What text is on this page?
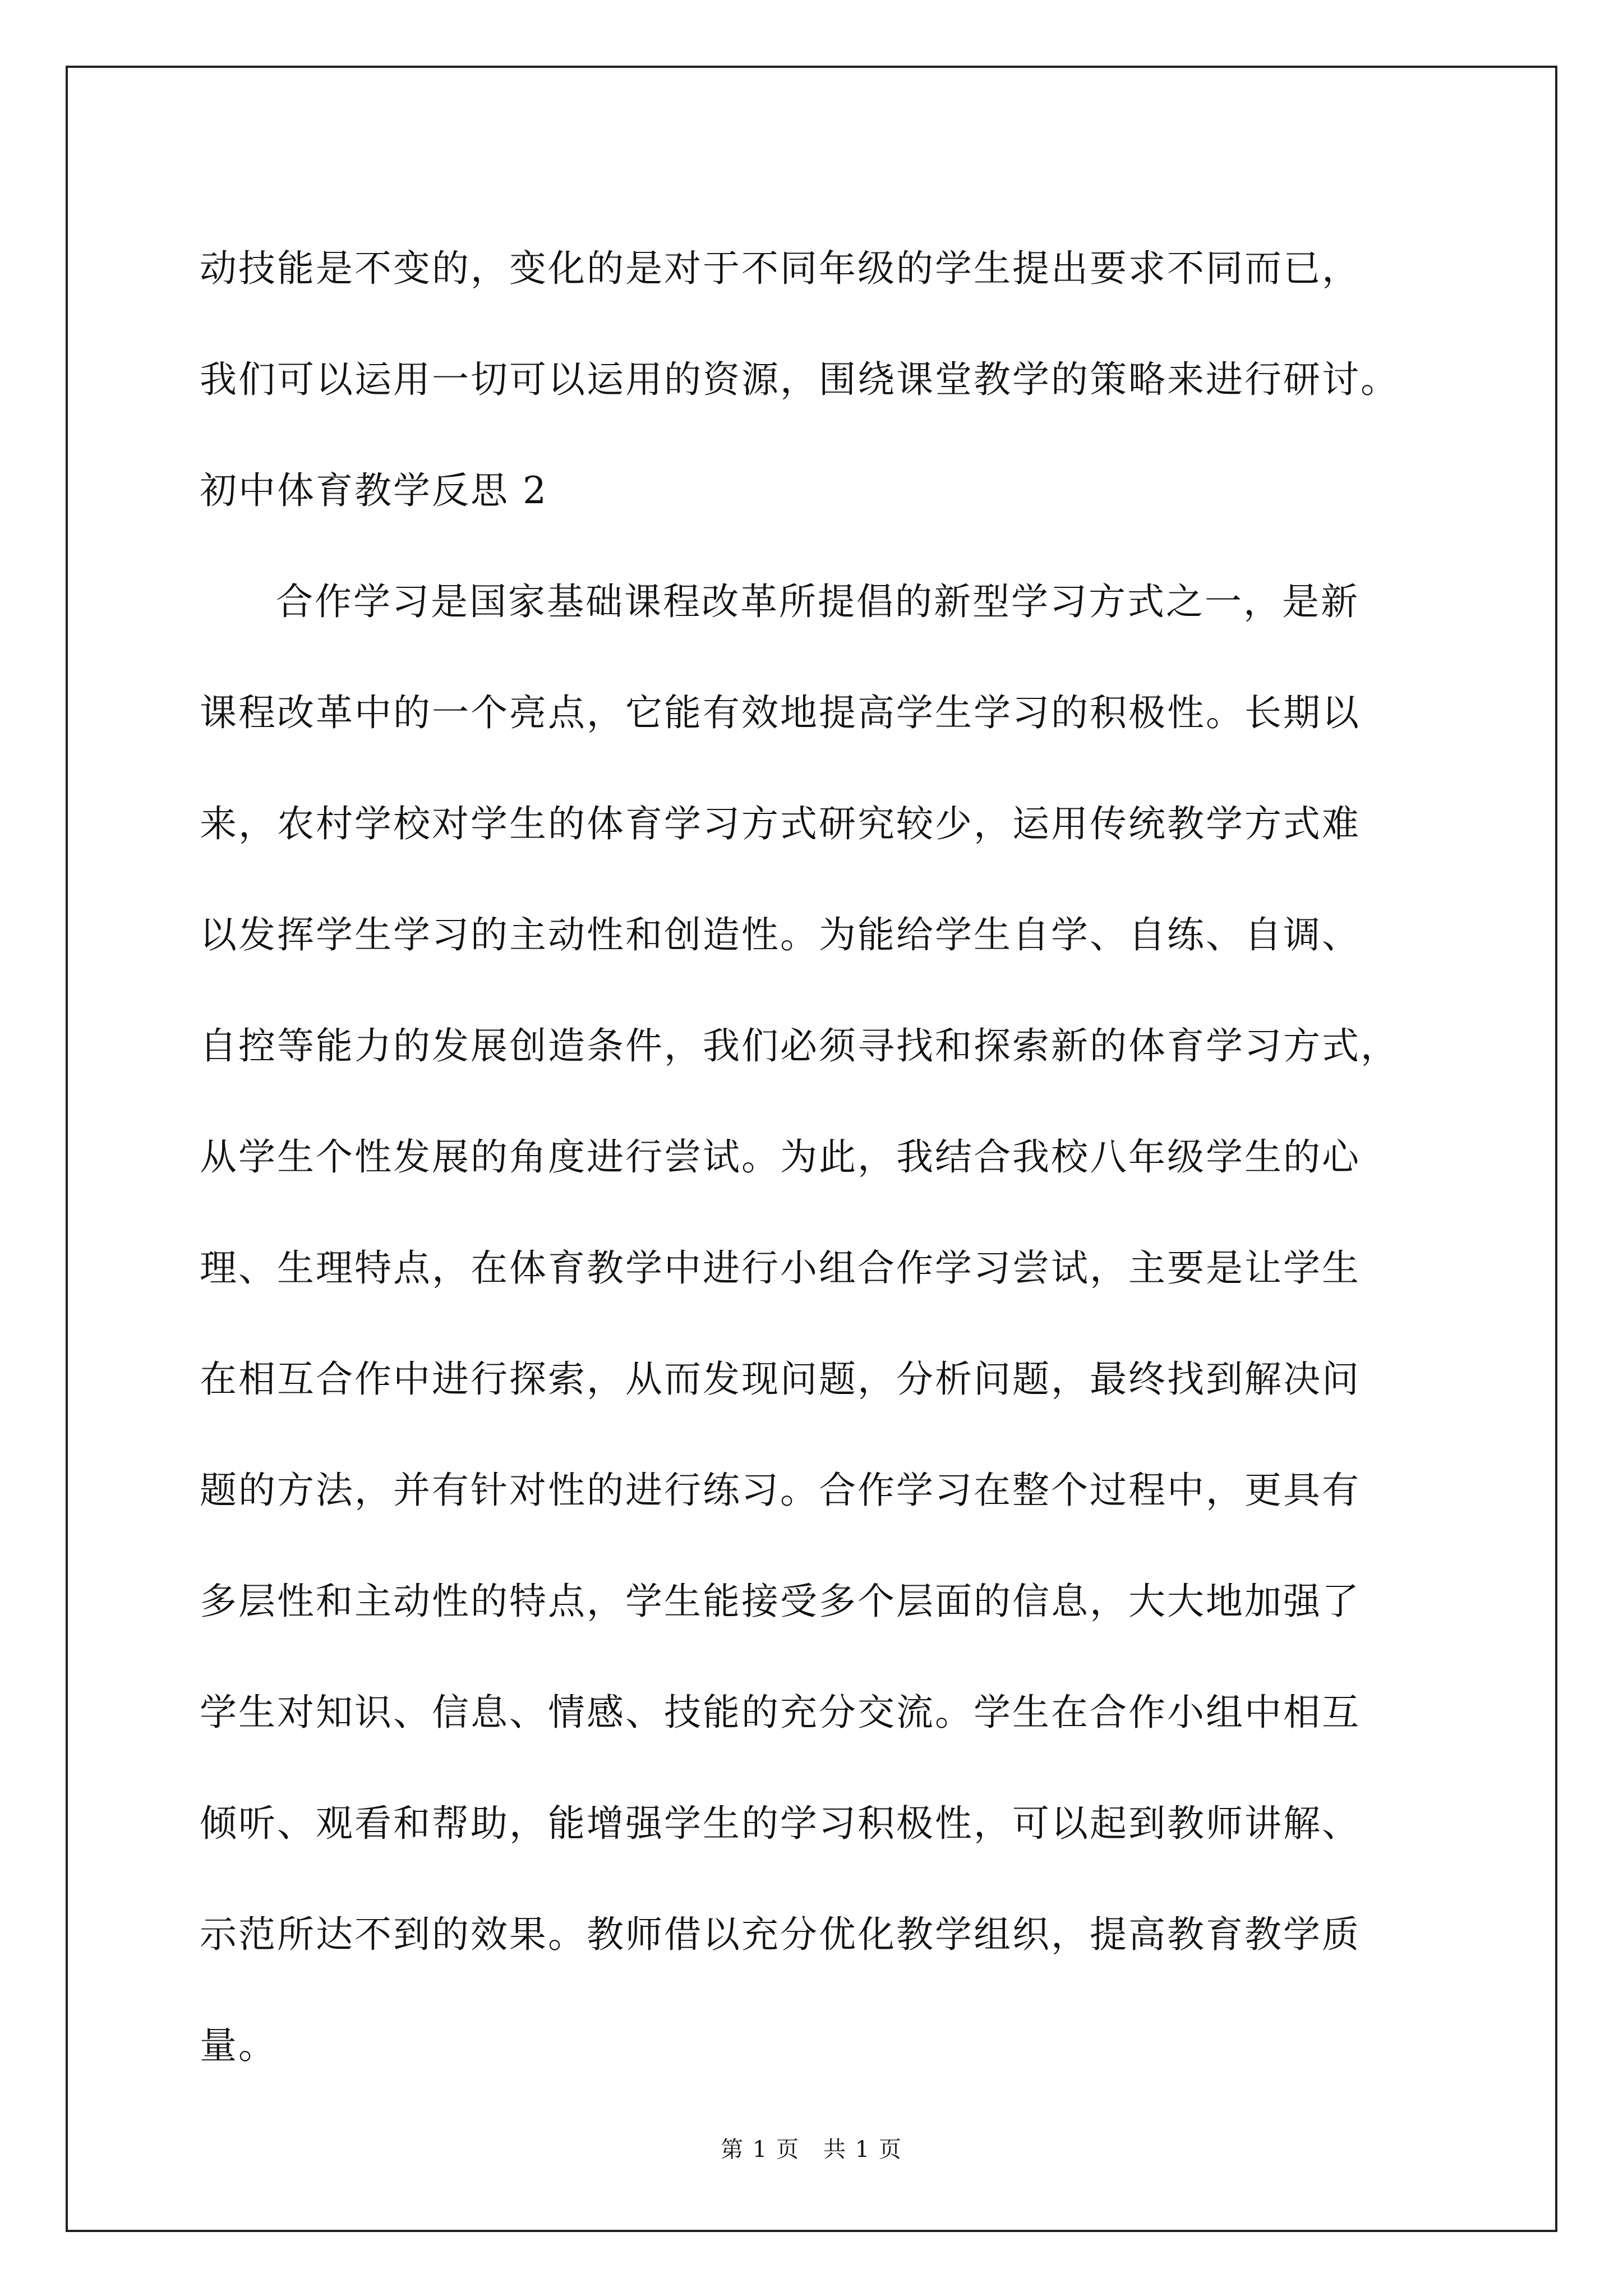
动技能是不变的，变化的是对于不同年级的学生提出要求不同而已，
我们可以运用一切可以运用的资源，围绕课堂教学的策略来进行研讨。
初中体育教学反思 2
合作学习是国家基础课程改革所提倡的新型学习方式之一，是新
课程改革中的一个亮点，它能有效地提高学生学习的积极性。长期以
来，农村学校对学生的体育学习方式研究较少，运用传统教学方式难
以发挥学生学习的主动性和创造性。为能给学生自学、自练、自调、
自控等能力的发展创造条件，我们必须寻找和探索新的体育学习方式，
从学生个性发展的角度进行尝试。为此，我结合我校八年级学生的心
理、生理特点，在体育教学中进行小组合作学习尝试，主要是让学生
在相互合作中进行探索，从而发现问题，分析问题，最终找到解决问
题的方法，并有针对性的进行练习。合作学习在整个过程中，更具有
多层性和主动性的特点，学生能接受多个层面的信息，大大地加强了
学生对知识、信息、情感、技能的充分交流。学生在合作小组中相互
倾听、观看和帮助，能增强学生的学习积极性，可以起到教师讲解、
示范所达不到的效果。教师借以充分优化教学组织，提高教育教学质
量。
第 1 页　共 1 页
